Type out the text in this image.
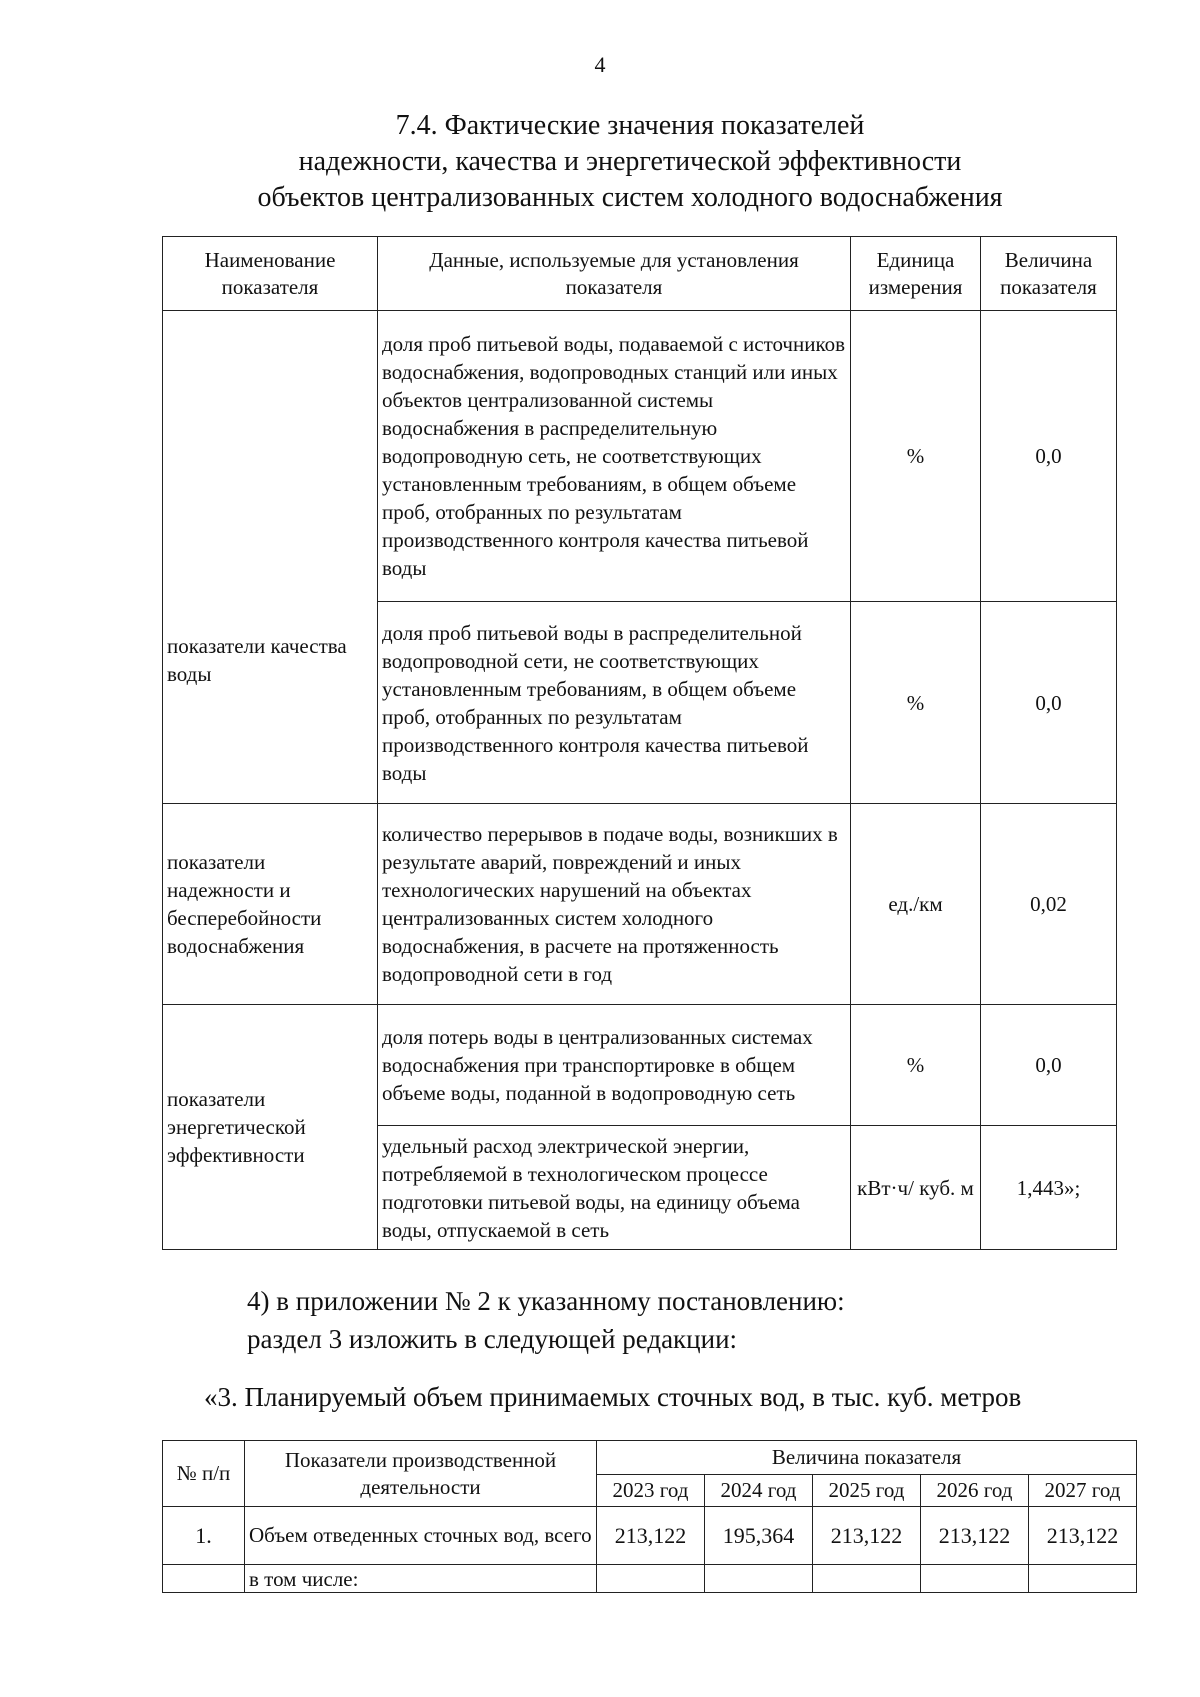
4
7.4. Фактические значения показателей
надежности, качества и энергетической эффективности
объектов централизованных систем холодного водоснабжения
Наименование показателя	Данные, используемые для установления показателя	Единица измерения	Величина показателя
показатели качества воды	доля проб питьевой воды, подаваемой с источников водоснабжения, водопроводных станций или иных объектов централизованной системы водоснабжения в распределительную водопроводную сеть, не соответствующих установленным требованиям, в общем объеме проб, отобранных по результатам производственного контроля качества питьевой воды	%	0,0
	доля проб питьевой воды в распределительной водопроводной сети, не соответствующих установленным требованиям, в общем объеме проб, отобранных по результатам производственного контроля качества питьевой воды	%	0,0
показатели надежности и бесперебойности водоснабжения	количество перерывов в подаче воды, возникших в результате аварий, повреждений и иных технологических нарушений на объектах централизованных систем холодного водоснабжения, в расчете на протяженность водопроводной сети в год	ед./км	0,02
показатели энергетической эффективности	доля потерь воды в централизованных системах водоснабжения при транспортировке в общем объеме воды, поданной в водопроводную сеть	%	0,0
	удельный расход электрической энергии, потребляемой в технологическом процессе подготовки питьевой воды, на единицу объема воды, отпускаемой в сеть	кВт·ч/ куб. м	1,443»;
4) в приложении № 2 к указанному постановлению:
раздел 3 изложить в следующей редакции:
«3. Планируемый объем принимаемых сточных вод, в тыс. куб. метров
№ п/п	Показатели производственной деятельности	Величина показателя				
		2023 год	2024 год	2025 год	2026 год	2027 год
1.	Объем отведенных сточных вод, всего	213,122	195,364	213,122	213,122	213,122
	в том числе:					
